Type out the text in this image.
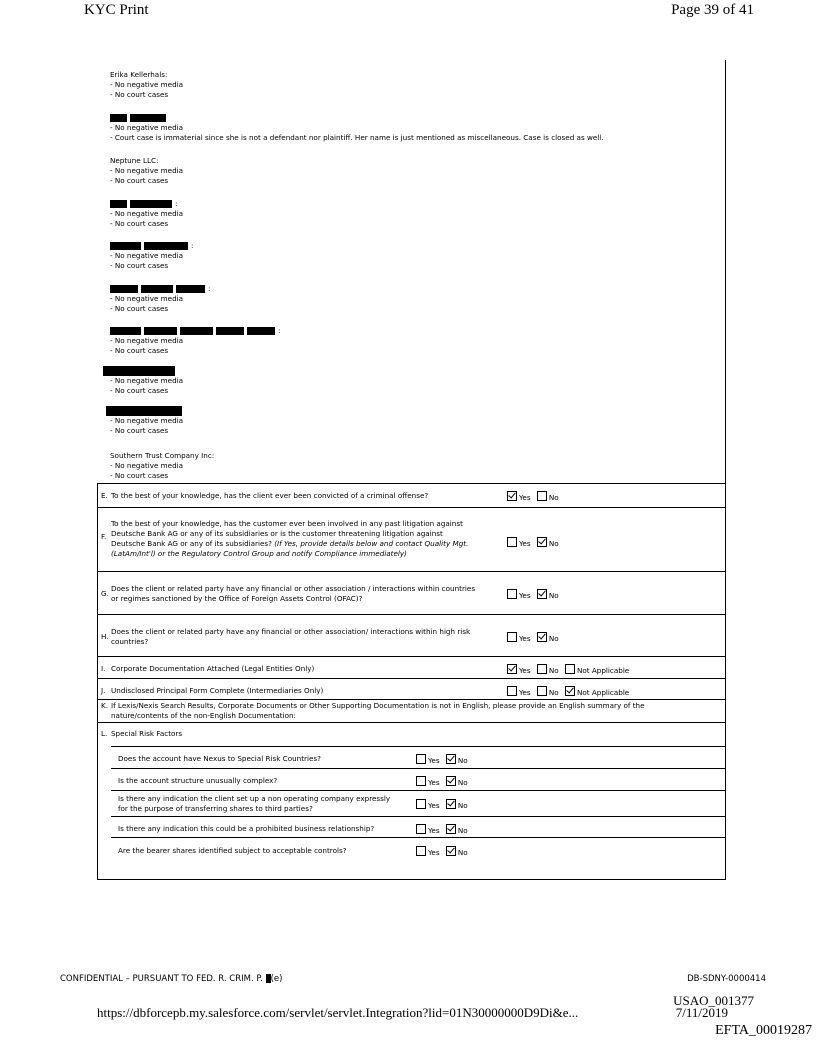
KYC Print	Page 39 of 41
Erika Kellerhals:
- No negative media
- No court cases
- No negative media
- Court case is immaterial since she is not a defendant nor plaintiff. Her name is just mentioned as miscellaneous. Case is closed as well.
Neptune LLC:
- No negative media
- No court cases
:
- No negative media
- No court cases
:
- No negative media
- No court cases
:
- No negative media
- No court cases
:
- No negative media
- No court cases
- No negative media
- No court cases
- No negative media
- No court cases
Southern Trust Company Inc:
- No negative media
- No court cases
E. To the best of your knowledge, has the client ever been convicted of a criminal offense?	Yes	No
F.
To the best of your knowledge, has the customer ever been involved in any past litigation against
Deutsche Bank AG or any of its subsidiaries or is the customer threatening litigation against
Deutsche Bank AG or any of its subsidiaries? (If Yes, provide details below and contact Quality Mgt.
(LatAm/Int'l) or the Regulatory Control Group and notify Compliance immediately)
Yes	No
G.
Does the client or related party have any financial or other association / interactions within countries
or regimes sanctioned by the Office of Foreign Assets Control (OFAC)?	Yes	No
H.
Does the client or related party have any financial or other association/ interactions within high risk
countries?	Yes	No
I. Corporate Documentation Attached (Legal Entities Only)	Yes	No	Not Applicable
J. Undisclosed Principal Form Complete (Intermediaries Only)	Yes	No	Not Applicable
K. If Lexis/Nexis Search Results, Corporate Documents or Other Supporting Documentation is not in English, please provide an English summary of the
nature/contents of the non-English Documentation:
L. Special Risk Factors
Does the account have Nexus to Special Risk Countries?	Yes	No
Is the account structure unusually complex?	Yes	No
Is there any indication the client set up a non operating company expressly
for the purpose of transferring shares to third parties?	Yes	No
Is there any indication this could be a prohibited business relationship?	Yes	No
Are the bearer shares identified subject to acceptable controls?	Yes	No
CONFIDENTIAL – PURSUANT TO FED. R. CRIM. P. (e)	DB-SDNY-0000414
USAO_001377
https://dbforcepb.my.salesforce.com/servlet/servlet.Integration?lid=01N30000000D9Di&e...	7/11/2019
EFTA_00019287
